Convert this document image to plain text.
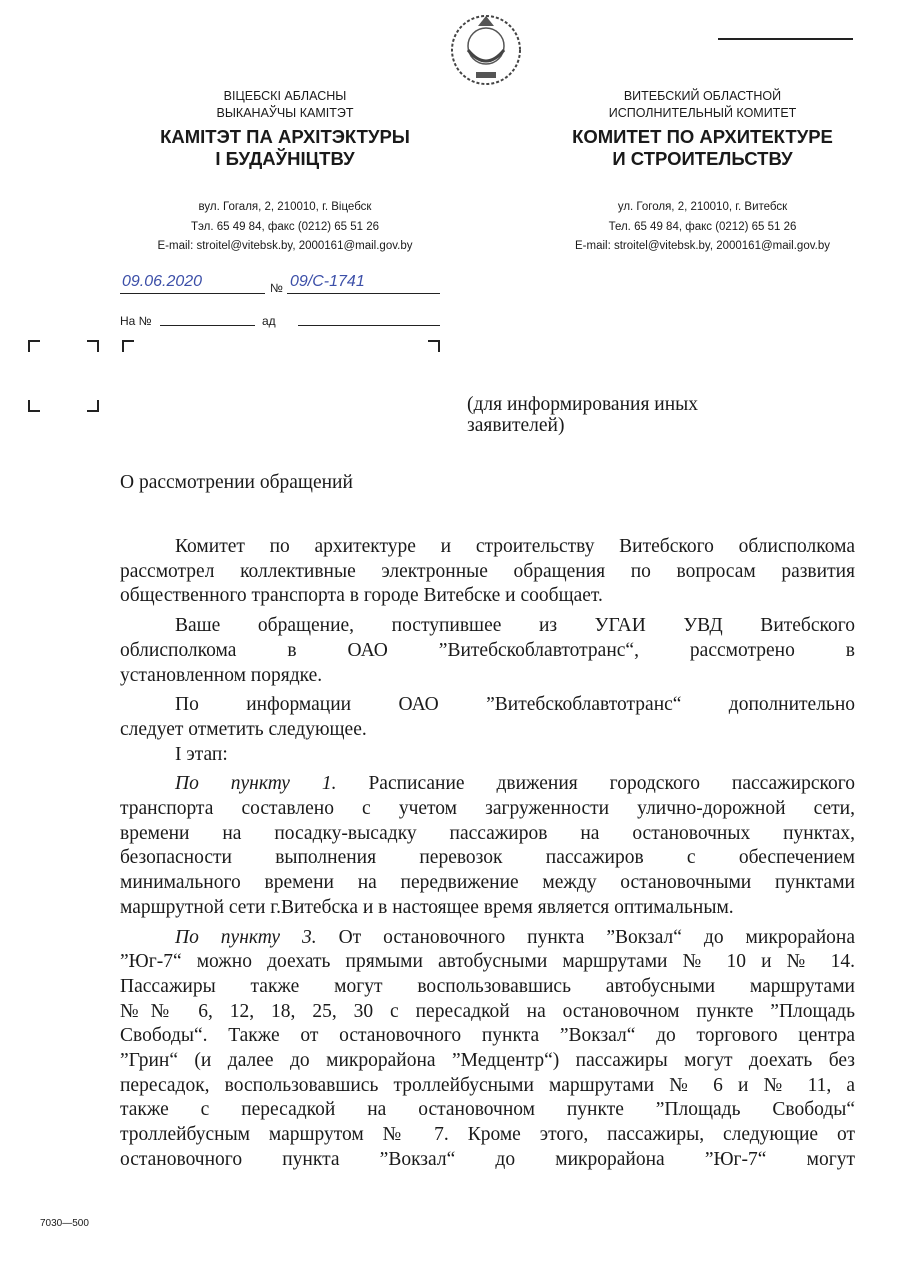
ВІЦЕБСКІ АБЛАСНЫ
ВЫКАНАЎЧЫ КАМІТЭТ
КАМІТЭТ ПА АРХІТЭКТУРЫ
І БУДАЎНІЦТВУ
вул. Гогаля, 2, 210010, г. Віцебск
Тэл. 65 49 84, факс (0212) 65 51 26
E-mail: stroitel@vitebsk.by, 2000161@mail.gov.by
ВИТЕБСКИЙ ОБЛАСТНОЙ
ИСПОЛНИТЕЛЬНЫЙ КОМИТЕТ
КОМИТЕТ ПО АРХИТЕКТУРЕ
И СТРОИТЕЛЬСТВУ
ул. Гоголя, 2, 210010, г. Витебск
Тел. 65 49 84, факс (0212) 65 51 26
E-mail: stroitel@vitebsk.by, 2000161@mail.gov.by
09.06.2020	№ 09/С-1741
На №	ад
(для информирования иных
заявителей)
О рассмотрении обращений
Комитет по архитектуре и строительству Витебского облисполкома
рассмотрел коллективные электронные обращения по вопросам развития
общественного транспорта в городе Витебске и сообщает.
Ваше обращение, поступившее из УГАИ УВД Витебского
облисполкома в ОАО ”Витебскоблавтотранс“, рассмотрено в
установленном порядке.
По информации ОАО ”Витебскоблавтотранс“ дополнительно
следует отметить следующее.
I этап:
По пункту 1. Расписание движения городского пассажирского
транспорта составлено с учетом загруженности улично-дорожной сети,
времени на посадку-высадку пассажиров на остановочных пунктах,
безопасности выполнения перевозок пассажиров с обеспечением
минимального времени на передвижение между остановочными пунктами
маршрутной сети г.Витебска и в настоящее время является оптимальным.
По пункту 3. От остановочного пункта ”Вокзал“ до микрорайона
”Юг-7“ можно доехать прямыми автобусными маршрутами № 10 и № 14.
Пассажиры также могут воспользовавшись автобусными маршрутами
№№ 6, 12, 18, 25, 30 с пересадкой на остановочном пункте ”Площадь
Свободы“. Также от остановочного пункта ”Вокзал“ до торгового центра
”Грин“ (и далее до микрорайона ”Медцентр“) пассажиры могут доехать без
пересадок, воспользовавшись троллейбусными маршрутами № 6 и № 11, а
также с пересадкой на остановочном пункте ”Площадь Свободы“
троллейбусным маршрутом № 7. Кроме этого, пассажиры, следующие от
остановочного пункта ”Вокзал“ до микрорайона ”Юг-7“ могут
7030—500
